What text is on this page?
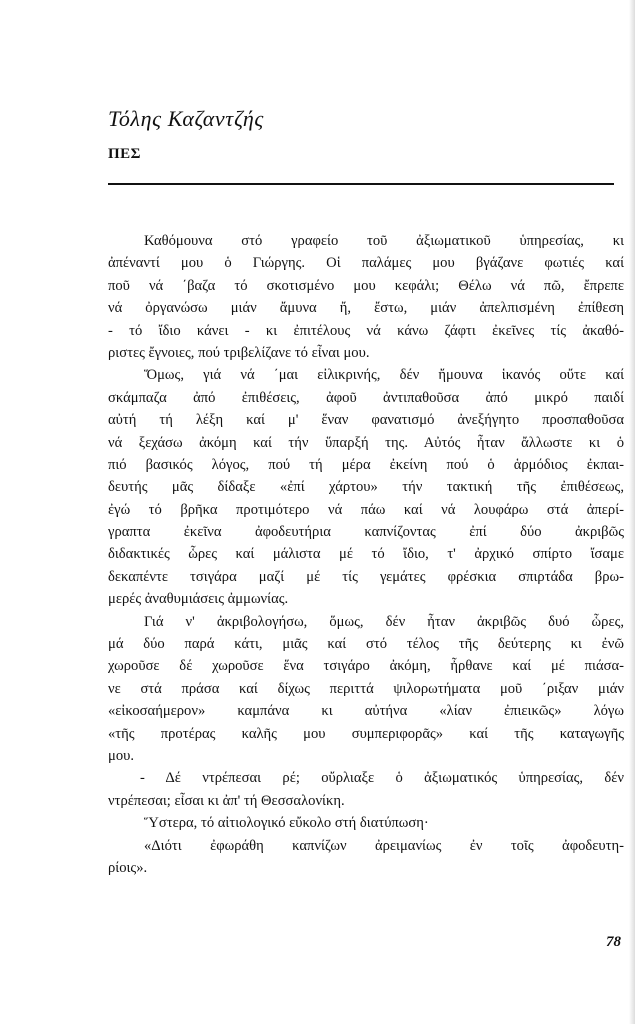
Τόλης Καζαντζής
ΠΕΣ
Καθόμουνα στό γραφείο τοῦ ἀξιωματικοῦ ὑπηρεσίας, κι
ἀπέναντί μου ὁ Γιώργης. Οἱ παλάμες μου βγάζανε φωτιές καί
ποῦ νά ΄βαζα τό σκοτισμένο μου κεφάλι; Θέλω νά πῶ, ἔπρεπε
νά ὀργανώσω μιάν ἄμυνα ἤ, ἔστω, μιάν ἀπελπισμένη ἐπίθεση
- τό ἴδιο κάνει - κι ἐπιτέλους νά κάνω ζάφτι ἐκεῖνες τίς ἀκαθό-
ριστες ἔγνοιες, πού τριβελίζανε τό εἶναι μου.
Ὅμως, γιά νά ΄μαι εἰλικρινής, δέν ἤμουνα ἱκανός οὔτε καί
σκάμπαζα ἀπό ἐπιθέσεις, ἀφοῦ ἀντιπαθοῦσα ἀπό μικρό παιδί
αὐτή τή λέξη καί μ' ἕναν φανατισμό ἀνεξήγητο προσπαθοῦσα
νά ξεχάσω ἀκόμη καί τήν ὕπαρξή της. Αὐτός ἦταν ἄλλωστε κι ὁ
πιό βασικός λόγος, πού τή μέρα ἐκείνη πού ὁ ἁρμόδιος ἐκπαι-
δευτής μᾶς δίδαξε «ἐπί χάρτου» τήν τακτική τῆς ἐπιθέσεως,
ἐγώ τό βρῆκα προτιμότερο νά πάω καί νά λουφάρω στά ἀπερί-
γραπτα ἐκεῖνα ἀφοδευτήρια καπνίζοντας ἐπί δύο ἀκριβῶς
διδακτικές ὧρες καί μάλιστα μέ τό ἴδιο, τ' ἀρχικό σπίρτο ἴσαμε
δεκαπέντε τσιγάρα μαζί μέ τίς γεμάτες φρέσκια σπιρτάδα βρω-
μερές ἀναθυμιάσεις ἀμμωνίας.
Γιά ν' ἀκριβολογήσω, ὅμως, δέν ἦταν ἀκριβῶς δυό ὧρες,
μά δύο παρά κάτι, μιᾶς καί στό τέλος τῆς δεύτερης κι ἐνῶ
χωροῦσε δέ χωροῦσε ἕνα τσιγάρο ἀκόμη, ἦρθανε καί μέ πιάσα-
νε στά πράσα καί δίχως περιττά ψιλορωτήματα μοῦ ΄ριξαν μιάν
«εἰκοσαήμερον» καμπάνα κι αὐτήνα «λίαν ἐπιεικῶς» λόγω
«τῆς προτέρας καλῆς μου συμπεριφορᾶς» καί τῆς καταγωγῆς
μου.
- Δέ ντρέπεσαι ρέ; οὔρλιαξε ὁ ἀξιωματικός ὑπηρεσίας, δέν
ντρέπεσαι; εἶσαι κι ἀπ' τή Θεσσαλονίκη.
Ὕστερα, τό αἰτιολογικό εὔκολο στή διατύπωση·
«Διότι ἐφωράθη καπνίζων ἀρειμανίως ἐν τοῖς ἀφοδευτη-
ρίοις».
78
